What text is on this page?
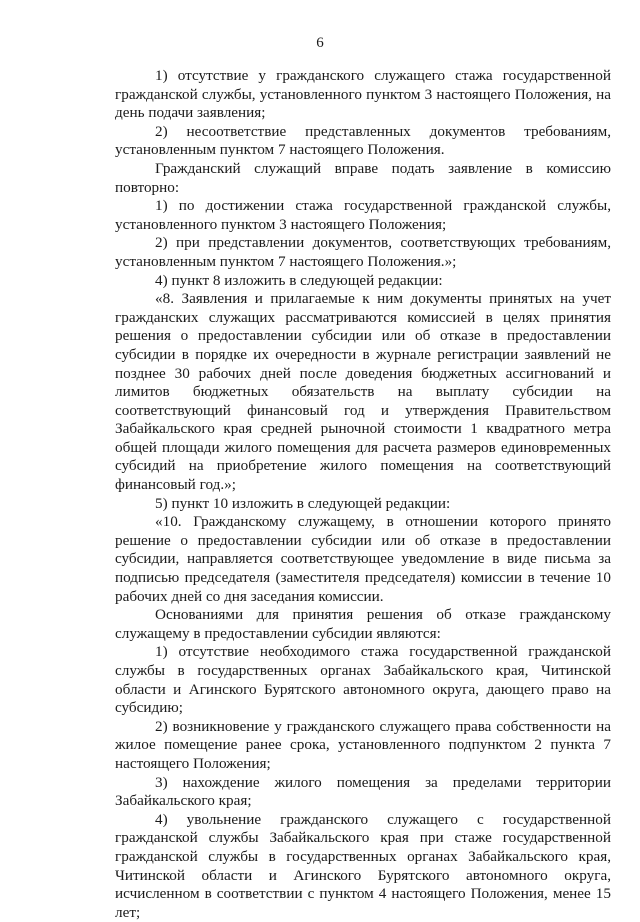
6

1) отсутствие у гражданского служащего стажа государственной гражданской службы, установленного пунктом 3 настоящего Положения, на день подачи заявления;

2) несоответствие представленных документов требованиям, установленным пунктом 7 настоящего Положения.

Гражданский служащий вправе подать заявление в комиссию повторно:

1) по достижении стажа государственной гражданской службы, установленного пунктом 3 настоящего Положения;

2) при представлении документов, соответствующих требованиям, установленным пунктом 7 настоящего Положения.»;

4) пункт 8 изложить в следующей редакции:

«8. Заявления и прилагаемые к ним документы принятых на учет гражданских служащих рассматриваются комиссией в целях принятия решения о предоставлении субсидии или об отказе в предоставлении субсидии в порядке их очередности в журнале регистрации заявлений не позднее 30 рабочих дней после доведения бюджетных ассигнований и лимитов бюджетных обязательств на выплату субсидии на соответствующий финансовый год и утверждения Правительством Забайкальского края средней рыночной стоимости 1 квадратного метра общей площади жилого помещения для расчета размеров единовременных субсидий на приобретение жилого помещения на соответствующий финансовый год.»;

5) пункт 10 изложить в следующей редакции:

«10. Гражданскому служащему, в отношении которого принято решение о предоставлении субсидии или об отказе в предоставлении субсидии, направляется соответствующее уведомление в виде письма за подписью председателя (заместителя председателя) комиссии в течение 10 рабочих дней со дня заседания комиссии.

Основаниями для принятия решения об отказе гражданскому служащему в предоставлении субсидии являются:

1) отсутствие необходимого стажа государственной гражданской службы в государственных органах Забайкальского края, Читинской области и Агинского Бурятского автономного округа, дающего право на субсидию;

2) возникновение у гражданского служащего права собственности на жилое помещение ранее срока, установленного подпунктом 2 пункта 7 настоящего Положения;

3) нахождение жилого помещения за пределами территории Забайкальского края;

4) увольнение гражданского служащего с государственной гражданской службы Забайкальского края при стаже государственной гражданской службы в государственных органах Забайкальского края, Читинской области и Агинского Бурятского автономного округа, исчисленном в соответствии с пунктом 4 настоящего Положения, менее 15 лет;
